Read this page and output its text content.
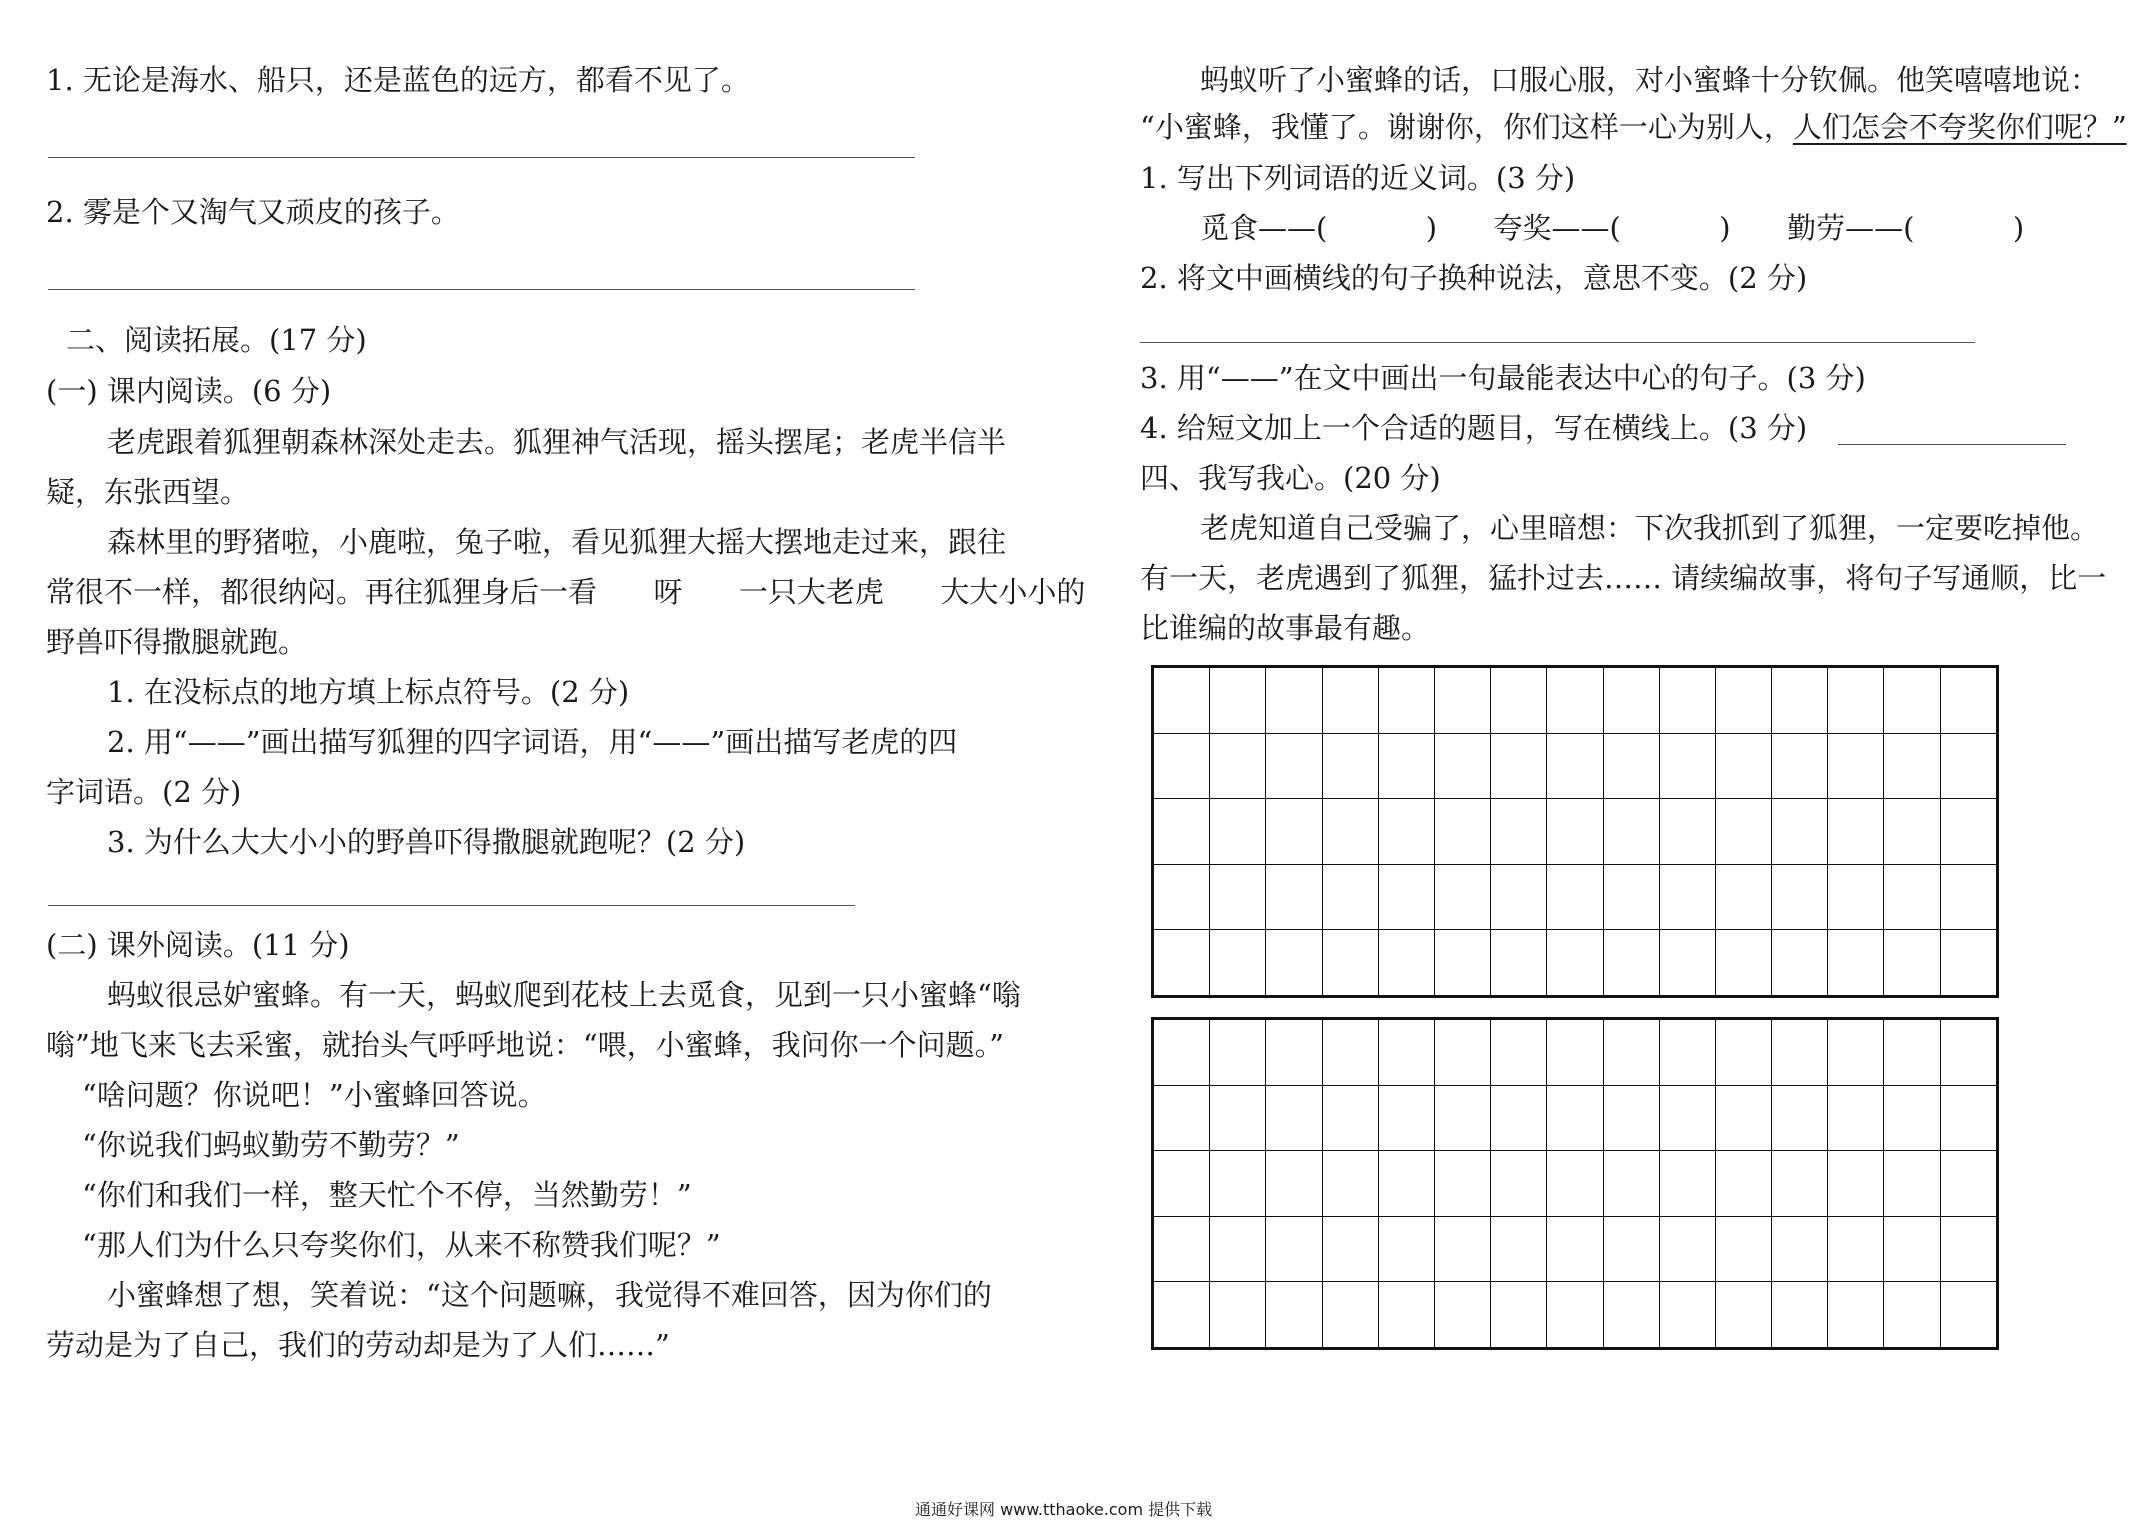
1. 无论是海水、船只，还是蓝色的远方，都看不见了。
2. 雾是个又淘气又顽皮的孩子。
二、阅读拓展。(17 分)
(一) 课内阅读。(6 分)
老虎跟着狐狸朝森林深处走去。狐狸神气活现，摇头摆尾；老虎半信半
疑，东张西望。
森林里的野猪啦，小鹿啦，兔子啦，看见狐狸大摇大摆地走过来，跟往
常很不一样，都很纳闷。再往狐狸身后一看 呀 一只大老虎 大大小小的
野兽吓得撒腿就跑。
1. 在没标点的地方填上标点符号。(2 分)
2. 用“——”画出描写狐狸的四字词语，用“——”画出描写老虎的四
字词语。(2 分)
3. 为什么大大小小的野兽吓得撒腿就跑呢？(2 分)
(二) 课外阅读。(11 分)
蚂蚁很忌妒蜜蜂。有一天，蚂蚁爬到花枝上去觅食，见到一只小蜜蜂“嗡
嗡”地飞来飞去采蜜，就抬头气呼呼地说：“喂，小蜜蜂，我问你一个问题。”
“啥问题？你说吧！”小蜜蜂回答说。
“你说我们蚂蚁勤劳不勤劳？”
“你们和我们一样，整天忙个不停，当然勤劳！”
“那人们为什么只夸奖你们，从来不称赞我们呢？”
小蜜蜂想了想，笑着说：“这个问题嘛，我觉得不难回答，因为你们的
劳动是为了自己，我们的劳动却是为了人们……”
蚂蚁听了小蜜蜂的话，口服心服，对小蜜蜂十分钦佩。他笑嘻嘻地说：
“小蜜蜂，我懂了。谢谢你，你们这样一心为别人，人们怎会不夸奖你们呢？”
1. 写出下列词语的近义词。(3 分)
觅食——(	) 夸奖——(	) 勤劳——(	)
2. 将文中画横线的句子换种说法，意思不变。(2 分)
3. 用“——”在文中画出一句最能表达中心的句子。(3 分)
4. 给短文加上一个合适的题目，写在横线上。(3 分)
四、我写我心。(20 分)
老虎知道自己受骗了，心里暗想：下次我抓到了狐狸，一定要吃掉他。
有一天，老虎遇到了狐狸，猛扑过去…… 请续编故事，将句子写通顺，比一
比谁编的故事最有趣。

通通好课网 www.tthaoke.com 提供下载
